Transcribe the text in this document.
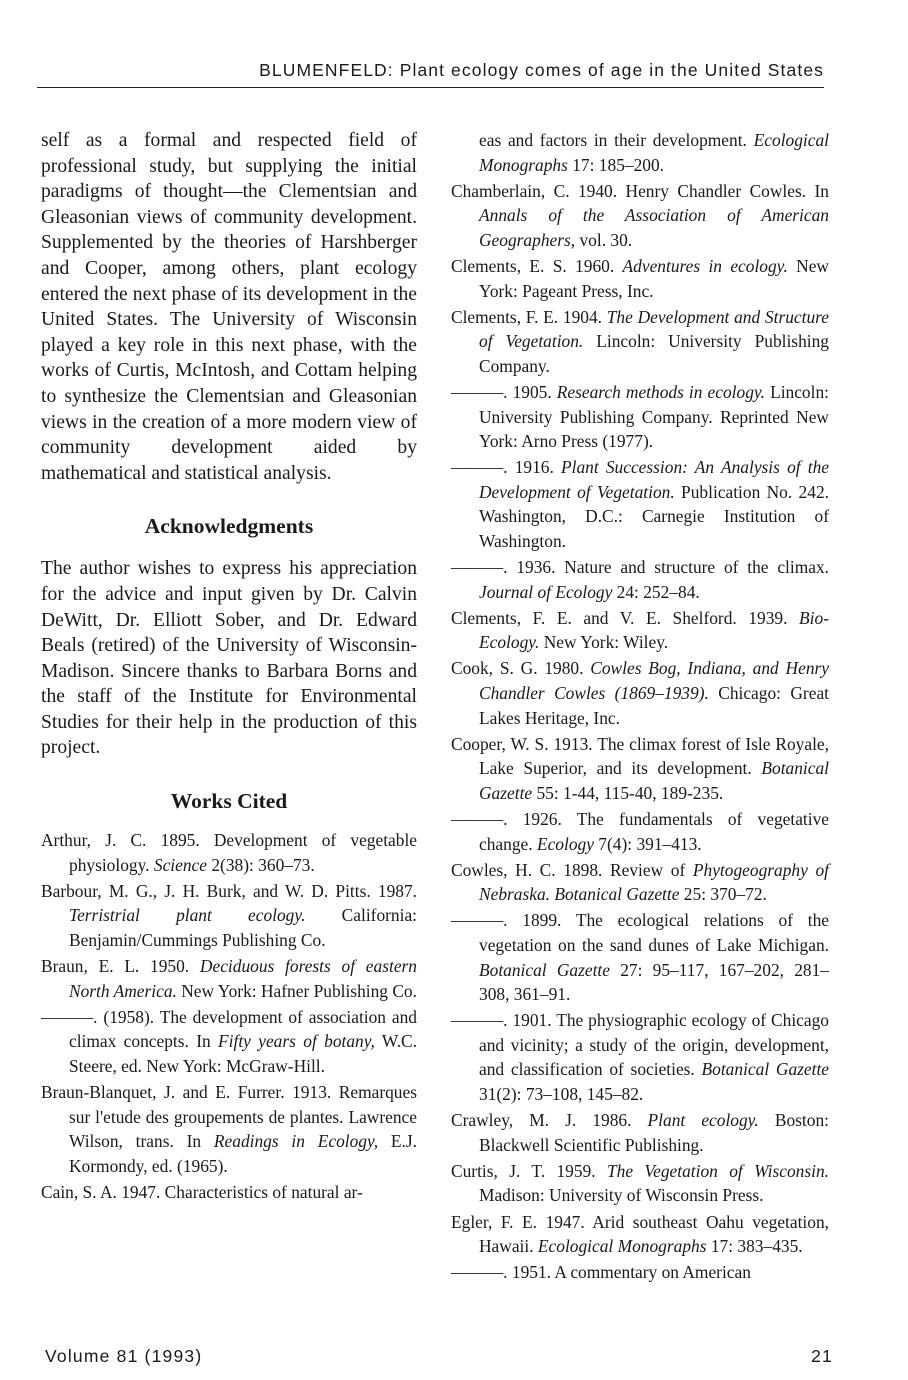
BLUMENFELD: Plant ecology comes of age in the United States

self as a formal and respected field of professional study, but supplying the initial paradigms of thought—the Clementsian and Gleasonian views of community development. Supplemented by the theories of Harshberger and Cooper, among others, plant ecology entered the next phase of its development in the United States. The University of Wisconsin played a key role in this next phase, with the works of Curtis, McIntosh, and Cottam helping to synthesize the Clementsian and Gleasonian views in the creation of a more modern view of community development aided by mathematical and statistical analysis.

Acknowledgments

The author wishes to express his appreciation for the advice and input given by Dr. Calvin DeWitt, Dr. Elliott Sober, and Dr. Edward Beals (retired) of the University of Wisconsin-Madison. Sincere thanks to Barbara Borns and the staff of the Institute for Environmental Studies for their help in the production of this project.

Works Cited

Arthur, J. C. 1895. Development of vegetable physiology. Science 2(38): 360–73.

Barbour, M. G., J. H. Burk, and W. D. Pitts. 1987. Terristrial plant ecology. California: Benjamin/Cummings Publishing Co.

Braun, E. L. 1950. Deciduous forests of eastern North America. New York: Hafner Publishing Co.

———. (1958). The development of association and climax concepts. In Fifty years of botany, W.C. Steere, ed. New York: McGraw-Hill.

Braun-Blanquet, J. and E. Furrer. 1913. Remarques sur l'etude des groupements de plantes. Lawrence Wilson, trans. In Readings in Ecology, E.J. Kormondy, ed. (1965).

Cain, S. A. 1947. Characteristics of natural ar-

eas and factors in their development. Ecological Monographs 17: 185–200.

Chamberlain, C. 1940. Henry Chandler Cowles. In Annals of the Association of American Geographers, vol. 30.

Clements, E. S. 1960. Adventures in ecology. New York: Pageant Press, Inc.

Clements, F. E. 1904. The Development and Structure of Vegetation. Lincoln: University Publishing Company.

———. 1905. Research methods in ecology. Lincoln: University Publishing Company. Reprinted New York: Arno Press (1977).

———. 1916. Plant Succession: An Analysis of the Development of Vegetation. Publication No. 242. Washington, D.C.: Carnegie Institution of Washington.

———. 1936. Nature and structure of the climax. Journal of Ecology 24: 252–84.

Clements, F. E. and V. E. Shelford. 1939. Bio-Ecology. New York: Wiley.

Cook, S. G. 1980. Cowles Bog, Indiana, and Henry Chandler Cowles (1869–1939). Chicago: Great Lakes Heritage, Inc.

Cooper, W. S. 1913. The climax forest of Isle Royale, Lake Superior, and its development. Botanical Gazette 55: 1-44, 115-40, 189-235.

———. 1926. The fundamentals of vegetative change. Ecology 7(4): 391–413.

Cowles, H. C. 1898. Review of Phytogeography of Nebraska. Botanical Gazette 25: 370–72.

———. 1899. The ecological relations of the vegetation on the sand dunes of Lake Michigan. Botanical Gazette 27: 95–117, 167–202, 281–308, 361–91.

———. 1901. The physiographic ecology of Chicago and vicinity; a study of the origin, development, and classification of societies. Botanical Gazette 31(2): 73–108, 145–82.

Crawley, M. J. 1986. Plant ecology. Boston: Blackwell Scientific Publishing.

Curtis, J. T. 1959. The Vegetation of Wisconsin. Madison: University of Wisconsin Press.

Egler, F. E. 1947. Arid southeast Oahu vegetation, Hawaii. Ecological Monographs 17: 383–435.

———. 1951. A commentary on American

Volume 81 (1993)	21
